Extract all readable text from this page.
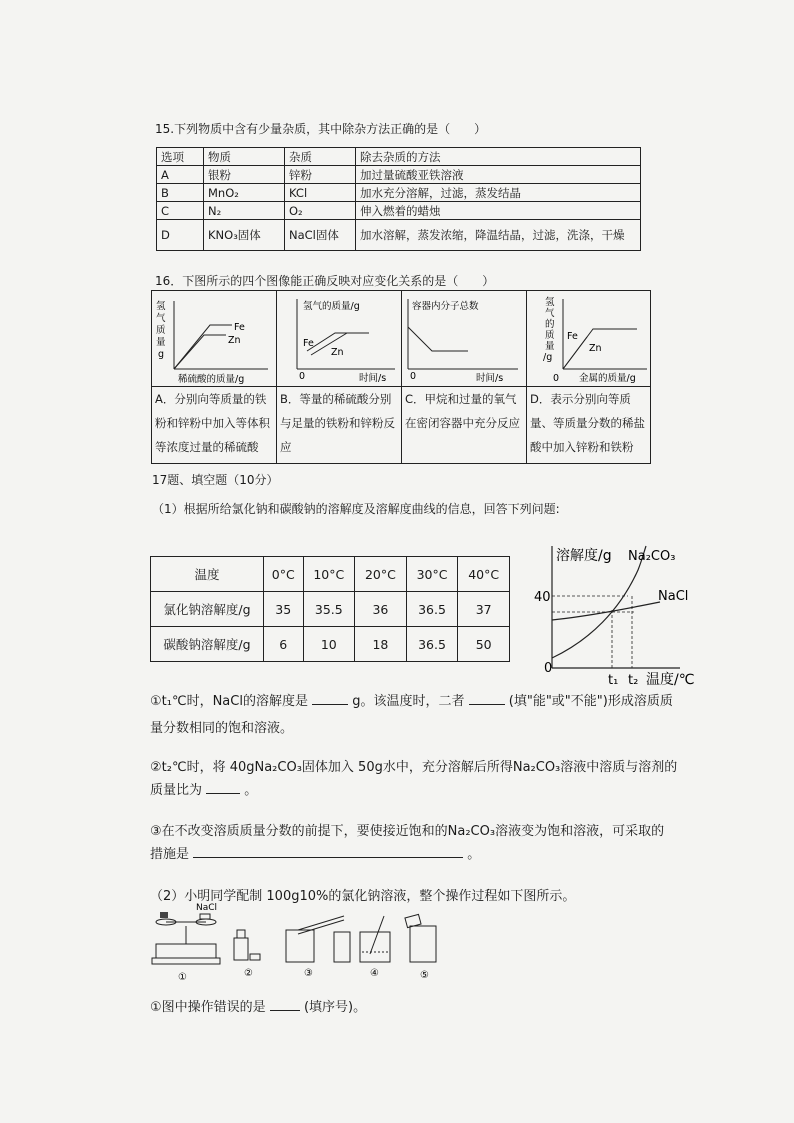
15.下列物质中含有少量杂质，其中除杂方法正确的是（　　）
选项	物质	杂质	除去杂质的方法
A	银粉	锌粉	加过量硫酸亚铁溶液
B	MnO₂	KCl	加水充分溶解，过滤，蒸发结晶
C	N₂	O₂	伸入燃着的蜡烛
D	KNO₃固体	NaCl固体	加水溶解，蒸发浓缩，降温结晶，过滤，洗涤，干燥
16．下图所示的四个图像能正确反映对应变化关系的是（　　）
Fe
Zn
氢
气
质
量
g
稀硫酸的质量/g
氢气的质量/g
Fe
Zn
0	时间/s
容器内分子总数
0	时间/s
Fe
Zn
氢
气
的
质
量
/g
0 金属的质量/g
A．分别向等质量的铁粉和锌粉中加入等体积等浓度过量的稀硫酸
B．等量的稀硫酸分别与足量的铁粉和锌粉反应
C．甲烷和过量的氧气在密闭容器中充分反应
D．表示分别向等质量、等质量分数的稀盐酸中加入锌粉和铁粉
17题、填空题（10分）
（1）根据所给氯化钠和碳酸钠的溶解度及溶解度曲线的信息，回答下列问题:
温度	0°C	10°C	20°C	30°C	40°C
氯化钠溶解度/g	35	35.5	36	36.5	37
碳酸钠溶解度/g	6	10	18	36.5	50
溶解度/g Na₂CO₃
NaCl
40
0
t₁ t₂ 温度/℃
①t₁℃时，NaCl的溶解度是	g。该温度时，二者	(填"能"或"不能")形成溶质质
量分数相同的饱和溶液。
②t₂℃时，将 40gNa₂CO₃固体加入 50g水中，充分溶解后所得Na₂CO₃溶液中溶质与溶剂的
质量比为	。
③在不改变溶质质量分数的前提下，要使接近饱和的Na₂CO₃溶液变为饱和溶液，可采取的
措施是	。
（2）小明同学配制 100g10%的氯化钠溶液，整个操作过程如下图所示。
NaCl
①	②	③	④	⑤
①图中操作错误的是	(填序号)。
